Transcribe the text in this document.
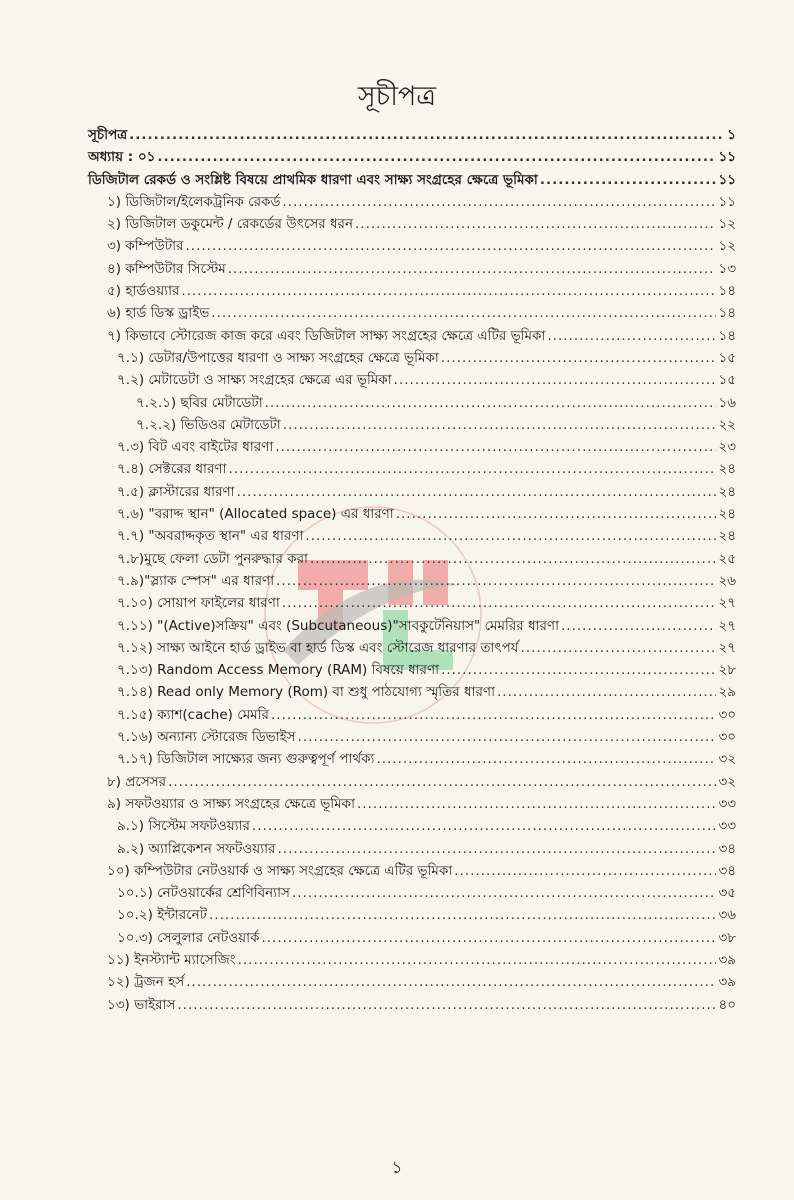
সূচীপত্র
সূচীপত্র .....	১
অধ্যায় : ০১ .....	১১
ডিজিটাল রেকর্ড ও সংশ্লিষ্ট বিষয়ে প্রাথমিক ধারণা এবং সাক্ষ্য সংগ্রহের ক্ষেত্রে ভূমিকা .....	১১
১) ডিজিটাল/ইলেকট্রনিক রেকর্ড .....	১১
২) ডিজিটাল ডকুমেন্ট / রেকর্ডের উৎসের ধরন .....	১২
৩) কম্পিউটার .....	১২
৪) কম্পিউটার সিস্টেম .....	১৩
৫) হার্ডওয়্যার .....	১৪
৬) হার্ড ডিস্ক ড্রাইভ .....	১৪
৭) কিভাবে স্টোরেজ কাজ করে এবং ডিজিটাল সাক্ষ্য সংগ্রহের ক্ষেত্রে এটির ভূমিকা .....	১৪
৭.১) ডেটার/উপাত্তের ধারণা ও সাক্ষ্য সংগ্রহের ক্ষেত্রে ভূমিকা .....	১৫
৭.২) মেটাডেটা ও সাক্ষ্য সংগ্রহের ক্ষেত্রে এর ভূমিকা .....	১৫
৭.২.১) ছবির মেটাডেটা .....	১৬
৭.২.২) ভিডিওর মেটাডেটা .....	২২
৭.৩) বিট এবং বাইটের ধারণা .....	২৩
৭.৪) সেক্টরের ধারণা .....	২৪
৭.৫) ক্লাস্টারের ধারণা .....	২৪
৭.৬) "বরাদ্দ স্থান" (Allocated space) এর ধারণা .....	২৪
৭.৭) "অবরাদ্দকৃত স্থান" এর ধারণা .....	২৪
৭.৮)মুছে ফেলা ডেটা পুনরুদ্ধার করা .....	২৫
৭.৯)"স্ল্যাক স্পেস" এর ধারণা .....	২৬
৭.১০) সোয়াপ ফাইলের ধারণা .....	২৭
৭.১১) "(Active)সক্রিয়" এবং (Subcutaneous)"সাবকুটেনিয়াস" মেমরির ধারণা .....	২৭
৭.১২) সাক্ষ্য আইনে হার্ড ড্রাইভ বা হার্ড ডিস্ক এবং স্টোরেজ ধারণার তাৎপর্য .....	২৭
৭.১৩) Random Access Memory (RAM) বিষয়ে ধারণা .....	২৮
৭.১৪) Read only Memory (Rom) বা শুধু পাঠযোগ্য স্মৃতির ধারণা .....	২৯
৭.১৫) ক্যাশ(cache) মেমরি .....	৩০
৭.১৬) অন্যান্য স্টোরেজ ডিভাইস .....	৩০
৭.১৭) ডিজিটাল সাক্ষ্যের জন্য গুরুত্বপূর্ণ পার্থক্য .....	৩২
৮) প্রসেসর .....	৩২
৯) সফটওয়্যার ও সাক্ষ্য সংগ্রহের ক্ষেত্রে ভূমিকা .....	৩৩
৯.১) সিস্টেম সফটওয়্যার .....	৩৩
৯.২) অ্যাপ্লিকেশন সফটওয়্যার .....	৩৪
১০) কম্পিউটার নেটওয়ার্ক ও সাক্ষ্য সংগ্রহের ক্ষেত্রে এটির ভূমিকা .....	৩৪
১০.১) নেটওয়ার্কের শ্রেণিবিন্যাস .....	৩৫
১০.২) ইন্টারনেট .....	৩৬
১০.৩) সেলুলার নেটওয়ার্ক .....	৩৮
১১) ইনস্ট্যান্ট ম্যাসেজিং .....	৩৯
১২) ট্রজন হর্স .....	৩৯
১৩) ভাইরাস .....	৪০
১
